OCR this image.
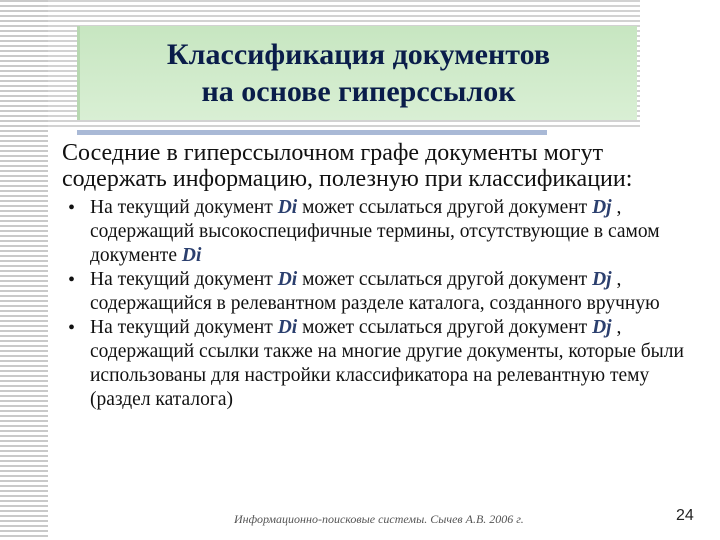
Классификация документов
на основе гиперссылок

Соседние в гиперссылочном графе документы могут содержать информацию, полезную при классификации:

• На текущий документ Di может ссылаться другой документ Dj , содержащий высокоспецифичные термины, отсутствующие в самом документе Di
• На текущий документ Di может ссылаться другой документ Dj , содержащийся в релевантном разделе каталога, созданного вручную
• На текущий документ Di может ссылаться другой документ Dj , содержащий ссылки также на многие другие документы, которые были использованы для настройки классификатора на релевантную тему (раздел каталога)
Информационно-поисковые системы. Сычев А.В. 2006 г.	24
